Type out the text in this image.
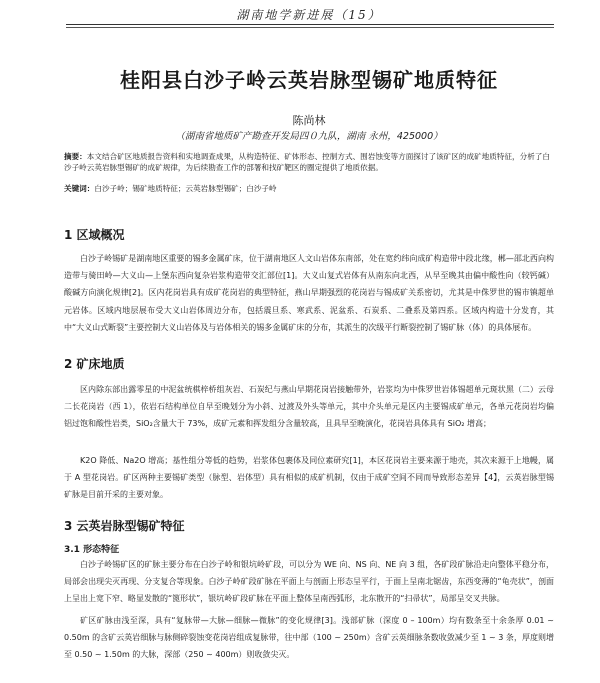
湖南地学新进展（15）
桂阳县白沙子岭云英岩脉型锡矿地质特征
陈尚林
（湖南省地质矿产勘查开发局四０九队，湖南 永州，425000）
摘要：本文结合矿区地质报告资料和实地调查成果，从构造特征、矿体形态、控制方式、围岩蚀变等方面探讨了该矿区的成矿地质特征，分析了白沙子岭云英岩脉型锡矿的成矿规律，为后续勘查工作的部署和找矿靶区的圈定提供了地质依据。
关键词：白沙子岭；锡矿地质特征；云英岩脉型锡矿；白沙子岭
1 区域概况
白沙子岭锡矿是湖南地区重要的锡多金属矿床，位于湖南地区人文山岩体东南部，处在宽约纬向成矿构造带中段北缘，郴—邵北西向构造带与骑田岭—大义山—上堡东西向复杂岩浆构造带交汇部位[1]。大义山复式岩体有从南东向北西，从早至晚其由偏中酸性向（较钙碱）酸碱方向演化规律[2]。区内花岗岩具有成矿花岗岩的典型特征，燕山早期强烈的花岗岩与锡成矿关系密切，尤其是中侏罗世的锡市镇超单元岩体。区域内地层展布受大义山岩体周边分布，包括震旦系、寒武系、泥盆系、石炭系、二叠系及第四系。区域内构造十分发育，其中“大义山式断裂”主要控制大义山岩体及与岩体相关的锡多金属矿床的分布，其派生的次级平行断裂控制了锡矿脉（体）的具体展布。
2 矿床地质
区内除东部出露零星的中泥盆统棋梓桥组灰岩、石炭纪与燕山早期花岗岩接触带外，岩浆均为中侏罗世岩体锡超单元斑状黑（二）云母二长花岗岩（西 1），依岩石结构单位自早至晚划分为小斜、过渡及外头等单元，其中介头单元是区内主要锡成矿单元，各单元花岗岩均偏铝过饱和酸性岩类，SiO₂含量大于 73%，成矿元素和挥发组分含量较高，且具早至晚演化，花岗岩具体具有 SiO₂ 增高；
K2O 降低、Na2O 增高；基性组分等低的趋势，岩浆体包裹体及同位素研究[1]，本区花岗岩主要来源于地壳，其次来源于上地幔，属于 A 型花岗岩。矿区两种主要锡矿类型（脉型、岩体型）具有相似的成矿机制，仅由于成矿空间不同而导致形态差异【4】，云英岩脉型锡矿脉是目前开采的主要对象。
3 云英岩脉型锡矿特征
3.1 形态特征
白沙子岭锡矿区的矿脉主要分布在白沙子岭和银坑岭矿段，可以分为 WE 向、NS 向、NE 向 3 组，各矿段矿脉沿走向整体平稳分布，局部会出现尖灭再现、分支复合等现象。白沙子岭矿段矿脉在平面上与剖面上形态呈平行，于面上呈南北锯齿，东西变薄的“龟壳状”，剖面上呈出上宽下窄、略显发散的“篦形状”，银坑岭矿段矿脉在平面上整体呈南西弧形，北东散开的“扫帚状”，局部呈交叉共脉。
矿区矿脉由浅至深，具有“复脉带—大脉—细脉—微脉”的变化规律[3]。浅部矿脉（深度 0 – 100m）均有数条至十余条厚 0.01 ~ 0.50m 的含矿云英岩细脉与脉侧碎裂蚀变花岗岩组成复脉带，往中部（100 ~ 250m）含矿云英细脉条数收敛减少至 1 ~ 3 条，厚度则增至 0.50 ~ 1.50m 的大脉，深部（250 ~ 400m）则收敛尖灭。
